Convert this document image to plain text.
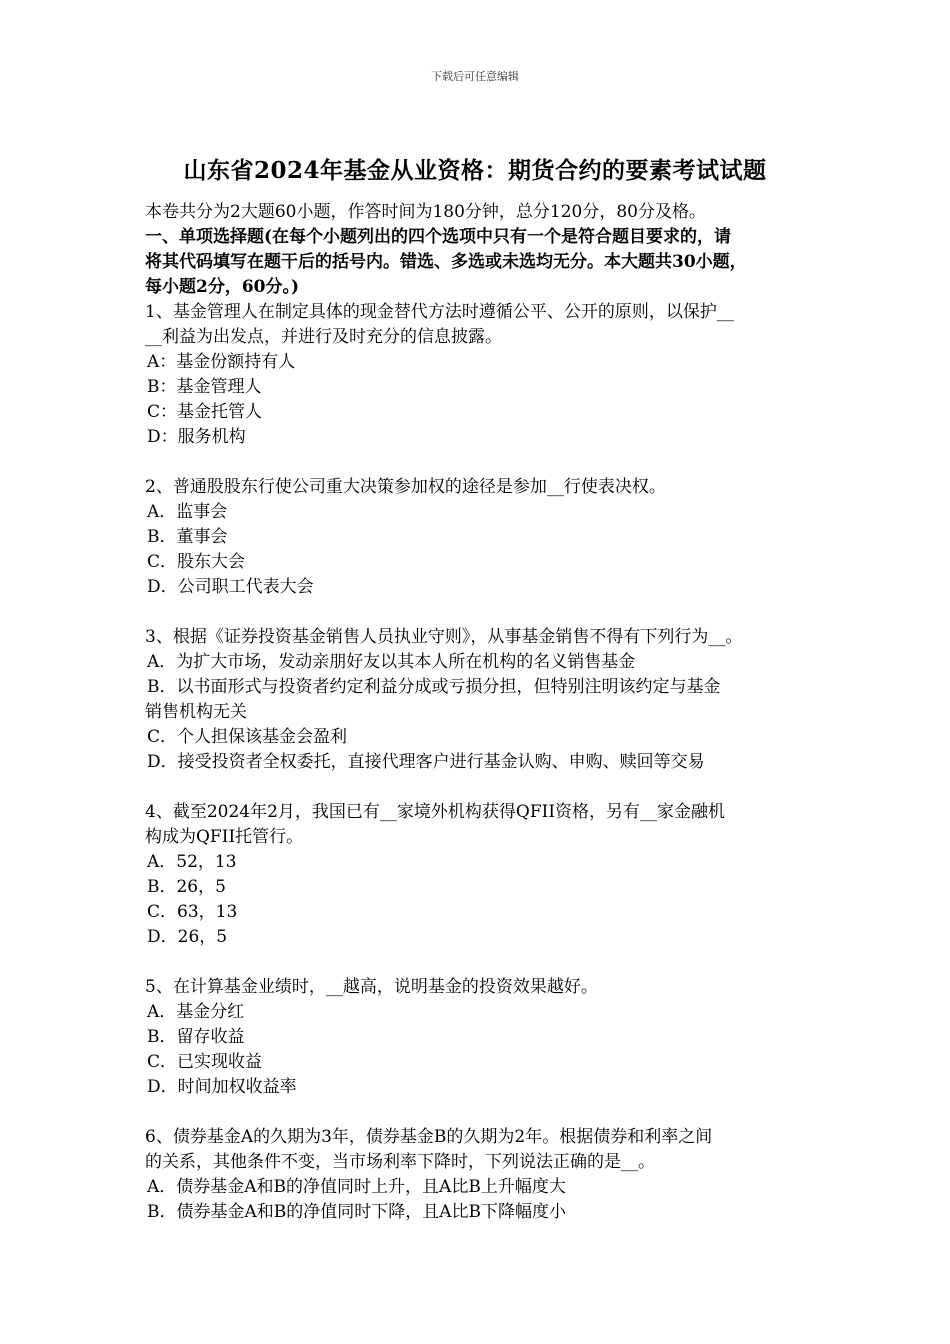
下载后可任意编辑
山东省2024年基金从业资格：期货合约的要素考试试题

本卷共分为2大题60小题，作答时间为180分钟，总分120分，80分及格。

一、单项选择题(在每个小题列出的四个选项中只有一个是符合题目要求的，请

将其代码填写在题干后的括号内。错选、多选或未选均无分。本大题共30小题，

每小题2分，60分。)

1、基金管理人在制定具体的现金替代方法时遵循公平、公开的原则，以保护__

__利益为出发点，并进行及时充分的信息披露。

A：基金份额持有人

B：基金管理人

C：基金托管人

D：服务机构

2、普通股股东行使公司重大决策参加权的途径是参加__行使表决权。

A．监事会

B．董事会

C．股东大会

D．公司职工代表大会

3、根据《证券投资基金销售人员执业守则》，从事基金销售不得有下列行为__。

A．为扩大市场，发动亲朋好友以其本人所在机构的名义销售基金

B．以书面形式与投资者约定利益分成或亏损分担，但特别注明该约定与基金

销售机构无关

C．个人担保该基金会盈利

D．接受投资者全权委托，直接代理客户进行基金认购、申购、赎回等交易

4、截至2024年2月，我国已有__家境外机构获得QFII资格，另有__家金融机

构成为QFII托管行。

A．52，13

B．26，5

C．63，13

D．26，5

5、在计算基金业绩时，__越高，说明基金的投资效果越好。

A．基金分红

B．留存收益

C．已实现收益

D．时间加权收益率

6、债券基金A的久期为3年，债券基金B的久期为2年。根据债券和利率之间

的关系，其他条件不变，当市场利率下降时，下列说法正确的是__。

A．债券基金A和B的净值同时上升，且A比B上升幅度大

B．债券基金A和B的净值同时下降，且A比B下降幅度小
